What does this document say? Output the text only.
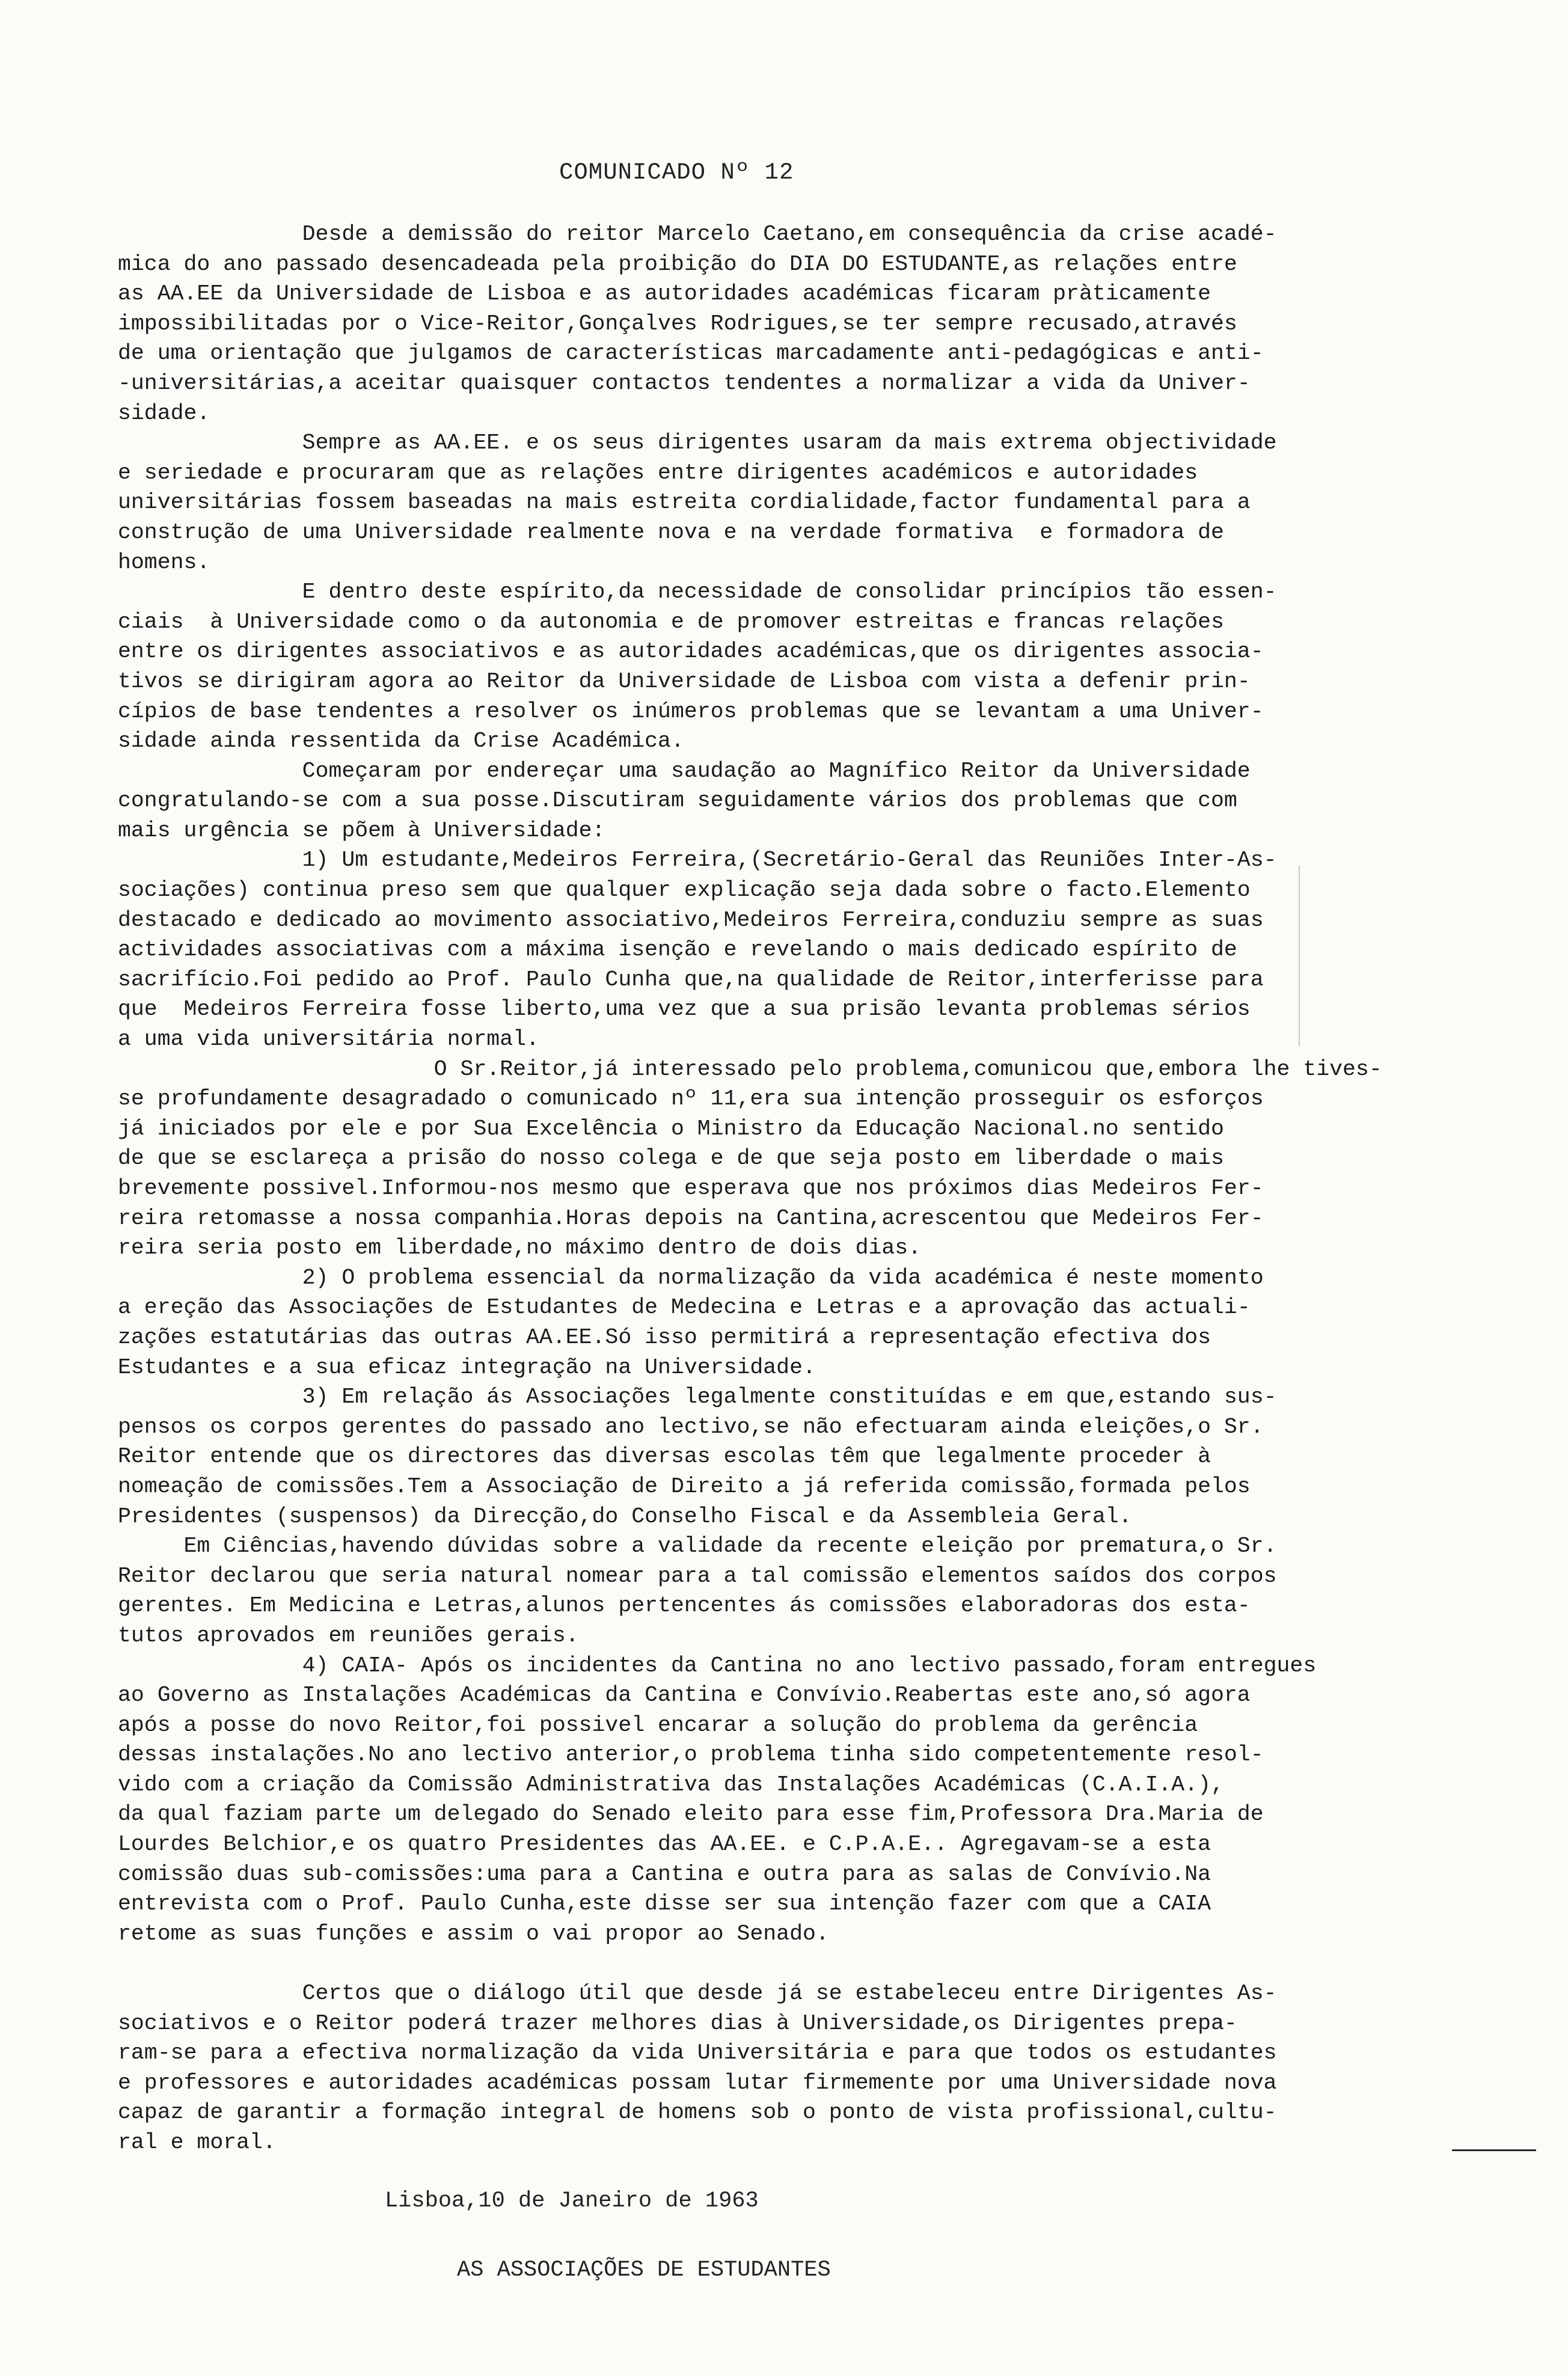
COMUNICADO Nº 12

Desde a demissão do reitor Marcelo Caetano,em consequência da crise acadé-

mica do ano passado desencadeada pela proibição do DIA DO ESTUDANTE,as relações entre

as AA.EE da Universidade de Lisboa e as autoridades académicas ficaram pràticamente

impossibilitadas por o Vice-Reitor,Gonçalves Rodrigues,se ter sempre recusado,através

de uma orientação que julgamos de características marcadamente anti-pedagógicas e anti-

-universitárias,a aceitar quaisquer contactos tendentes a normalizar a vida da Univer-

sidade.

Sempre as AA.EE. e os seus dirigentes usaram da mais extrema objectividade

e seriedade e procuraram que as relações entre dirigentes académicos e autoridades

universitárias fossem baseadas na mais estreita cordialidade,factor fundamental para a

construção de uma Universidade realmente nova e na verdade formativa  e formadora de

homens.

E dentro deste espírito,da necessidade de consolidar princípios tão essen-

ciais  à Universidade como o da autonomia e de promover estreitas e francas relações

entre os dirigentes associativos e as autoridades académicas,que os dirigentes associa-

tivos se dirigiram agora ao Reitor da Universidade de Lisboa com vista a defenir prin-

cípios de base tendentes a resolver os inúmeros problemas que se levantam a uma Univer-

sidade ainda ressentida da Crise Académica.

Começaram por endereçar uma saudação ao Magnífico Reitor da Universidade

congratulando-se com a sua posse.Discutiram seguidamente vários dos problemas que com

mais urgência se põem à Universidade:

1) Um estudante,Medeiros Ferreira,(Secretário-Geral das Reuniões Inter-As-

sociações) continua preso sem que qualquer explicação seja dada sobre o facto.Elemento

destacado e dedicado ao movimento associativo,Medeiros Ferreira,conduziu sempre as suas

actividades associativas com a máxima isenção e revelando o mais dedicado espírito de

sacrifício.Foi pedido ao Prof. Paulo Cunha que,na qualidade de Reitor,interferisse para

que  Medeiros Ferreira fosse liberto,uma vez que a sua prisão levanta problemas sérios

a uma vida universitária normal.

O Sr.Reitor,já interessado pelo problema,comunicou que,embora lhe tives-

se profundamente desagradado o comunicado nº 11,era sua intenção prosseguir os esforços

já iniciados por ele e por Sua Excelência o Ministro da Educação Nacional.no sentido

de que se esclareça a prisão do nosso colega e de que seja posto em liberdade o mais

brevemente possivel.Informou-nos mesmo que esperava que nos próximos dias Medeiros Fer-

reira retomasse a nossa companhia.Horas depois na Cantina,acrescentou que Medeiros Fer-

reira seria posto em liberdade,no máximo dentro de dois dias.

2) O problema essencial da normalização da vida académica é neste momento

a ereção das Associações de Estudantes de Medecina e Letras e a aprovação das actuali-

zações estatutárias das outras AA.EE.Só isso permitirá a representação efectiva dos

Estudantes e a sua eficaz integração na Universidade.

3) Em relação ás Associações legalmente constituídas e em que,estando sus-

pensos os corpos gerentes do passado ano lectivo,se não efectuaram ainda eleições,o Sr.

Reitor entende que os directores das diversas escolas têm que legalmente proceder à

nomeação de comissões.Tem a Associação de Direito a já referida comissão,formada pelos

Presidentes (suspensos) da Direcção,do Conselho Fiscal e da Assembleia Geral.

Em Ciências,havendo dúvidas sobre a validade da recente eleição por prematura,o Sr.

Reitor declarou que seria natural nomear para a tal comissão elementos saídos dos corpos

gerentes. Em Medicina e Letras,alunos pertencentes ás comissões elaboradoras dos esta-

tutos aprovados em reuniões gerais.

4) CAIA- Após os incidentes da Cantina no ano lectivo passado,foram entregues

ao Governo as Instalações Académicas da Cantina e Convívio.Reabertas este ano,só agora

após a posse do novo Reitor,foi possivel encarar a solução do problema da gerência

dessas instalações.No ano lectivo anterior,o problema tinha sido competentemente resol-

vido com a criação da Comissão Administrativa das Instalações Académicas (C.A.I.A.),

da qual faziam parte um delegado do Senado eleito para esse fim,Professora Dra.Maria de

Lourdes Belchior,e os quatro Presidentes das AA.EE. e C.P.A.E.. Agregavam-se a esta

comissão duas sub-comissões:uma para a Cantina e outra para as salas de Convívio.Na

entrevista com o Prof. Paulo Cunha,este disse ser sua intenção fazer com que a CAIA

retome as suas funções e assim o vai propor ao Senado.

Certos que o diálogo útil que desde já se estabeleceu entre Dirigentes As-

sociativos e o Reitor poderá trazer melhores dias à Universidade,os Dirigentes prepa-

ram-se para a efectiva normalização da vida Universitária e para que todos os estudantes

e professores e autoridades académicas possam lutar firmemente por uma Universidade nova

capaz de garantir a formação integral de homens sob o ponto de vista profissional,cultu-

ral e moral.

Lisboa,10 de Janeiro de 1963
AS ASSOCIAÇÕES DE ESTUDANTES
